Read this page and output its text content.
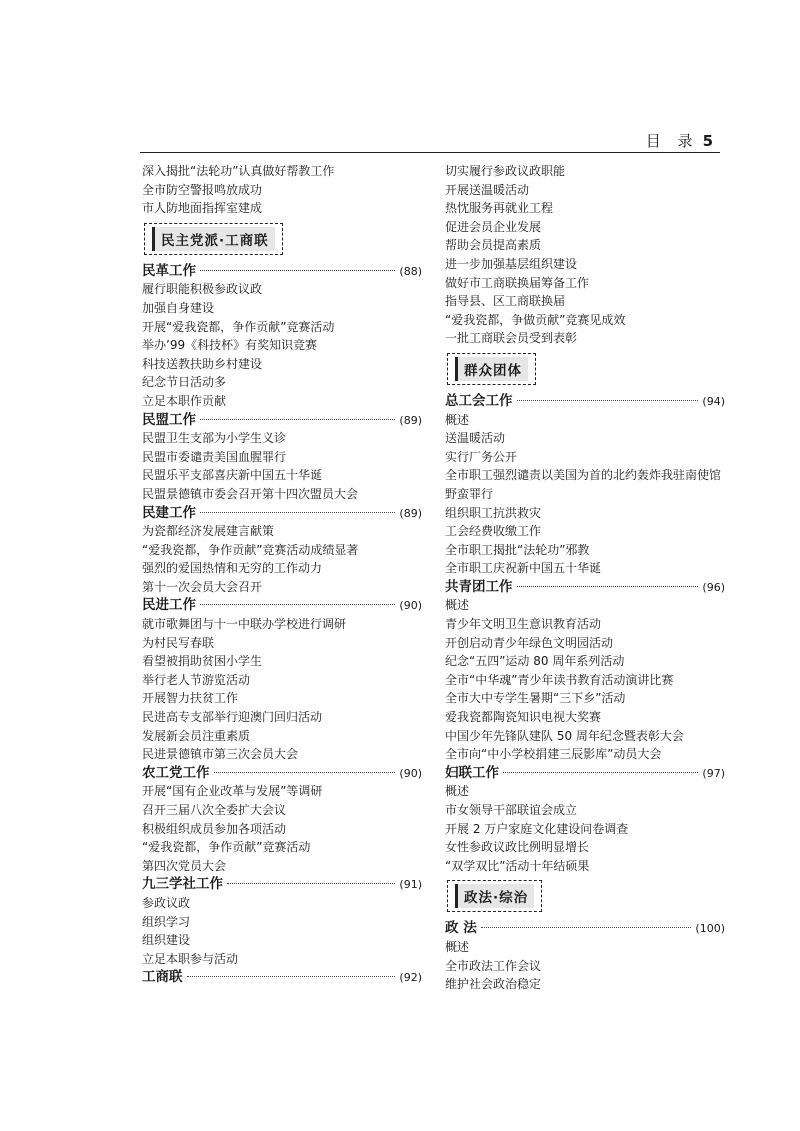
目 录 5
深入揭批“法轮功”认真做好帮教工作
全市防空警报鸣放成功
市人防地面指挥室建成
民主党派·工商联
民革工作	(88)
履行职能积极参政议政
加强自身建设
开展“爱我瓷都，争作贡献”竞赛活动
举办’99《科技杯》有奖知识竞赛
科技送教扶助乡村建设
纪念节日活动多
立足本职作贡献
民盟工作	(89)
民盟卫生支部为小学生义诊
民盟市委谴责美国血腥罪行
民盟乐平支部喜庆新中国五十华诞
民盟景德镇市委会召开第十四次盟员大会
民建工作	(89)
为瓷都经济发展建言献策
“爱我瓷都，争作贡献”竞赛活动成绩显著
强烈的爱国热情和无穷的工作动力
第十一次会员大会召开
民进工作	(90)
就市歌舞团与十一中联办学校进行调研
为村民写春联
看望被捐助贫困小学生
举行老人节游览活动
开展智力扶贫工作
民进高专支部举行迎澳门回归活动
发展新会员注重素质
民进景德镇市第三次会员大会
农工党工作	(90)
开展“国有企业改革与发展”等调研
召开三届八次全委扩大会议
积极组织成员参加各项活动
“爱我瓷都，争作贡献”竞赛活动
第四次党员大会
九三学社工作	(91)
参政议政
组织学习
组织建设
立足本职参与活动
工商联	(92)
切实履行参政议政职能
开展送温暖活动
热忱服务再就业工程
促进会员企业发展
帮助会员提高素质
进一步加强基层组织建设
做好市工商联换届筹备工作
指导县、区工商联换届
“爱我瓷都，争做贡献”竞赛见成效
一批工商联会员受到表彰
群众团体
总工会工作	(94)
概述
送温暖活动
实行厂务公开
全市职工强烈谴责以美国为首的北约轰炸我驻南使馆
野蛮罪行
组织职工抗洪救灾
工会经费收缴工作
全市职工揭批“法轮功”邪教
全市职工庆祝新中国五十华诞
共青团工作	(96)
概述
青少年文明卫生意识教育活动
开创启动青少年绿色文明园活动
纪念“五四”运动 80 周年系列活动
全市“中华魂”青少年读书教育活动演讲比赛
全市大中专学生暑期“三下乡”活动
爱我瓷都陶瓷知识电视大奖赛
中国少年先锋队建队 50 周年纪念暨表彰大会
全市向“中小学校捐建三辰影库”动员大会
妇联工作	(97)
概述
市女领导干部联谊会成立
开展 2 万户家庭文化建设问卷调查
女性参政议政比例明显增长
“双学双比”活动十年结硕果
政法·综治
政 法	(100)
概述
全市政法工作会议
维护社会政治稳定
